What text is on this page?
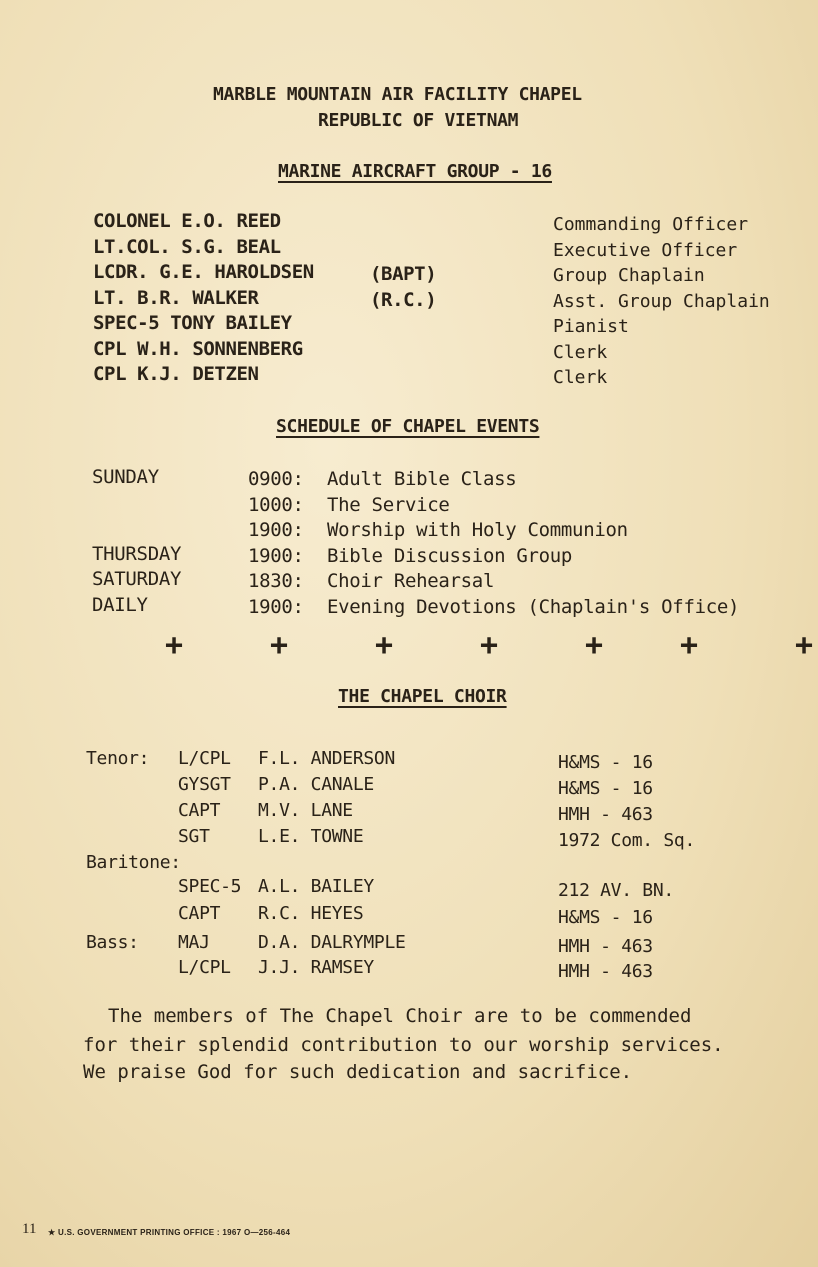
MARBLE MOUNTAIN AIR FACILITY CHAPEL
REPUBLIC OF VIETNAM
MARINE AIRCRAFT GROUP - 16
COLONEL E.O. REED	Commanding Officer
LT.COL. S.G. BEAL	Executive Officer
LCDR. G.E. HAROLDSEN	(BAPT)	Group Chaplain
LT. B.R. WALKER	(R.C.)	Asst. Group Chaplain
SPEC-5 TONY BAILEY	Pianist
CPL W.H. SONNENBERG	Clerk
CPL K.J. DETZEN	Clerk
SCHEDULE OF CHAPEL EVENTS
SUNDAY	0900: Adult Bible Class
1000: The Service
1900: Worship with Holy Communion
THURSDAY	1900: Bible Discussion Group
SATURDAY	1830: Choir Rehearsal
DAILY	1900: Evening Devotions (Chaplain's Office)
+	+	+	+	+	+	+
THE CHAPEL CHOIR
Tenor: L/CPL F.L. ANDERSON	H&MS - 16
GYSGT P.A. CANALE	H&MS - 16
CAPT M.V. LANE	HMH - 463
SGT	L.E. TOWNE	1972 Com. Sq.
Baritone:
SPEC-5 A.L. BAILEY	212 AV. BN.
CAPT R.C. HEYES	H&MS - 16
Bass: MAJ	D.A. DALRYMPLE	HMH - 463
L/CPL J.J. RAMSEY	HMH - 463
The members of The Chapel Choir are to be commended
for their splendid contribution to our worship services.
We praise God for such dedication and sacrifice.
11 ★ U.S. GOVERNMENT PRINTING OFFICE : 1967 O—256-464
